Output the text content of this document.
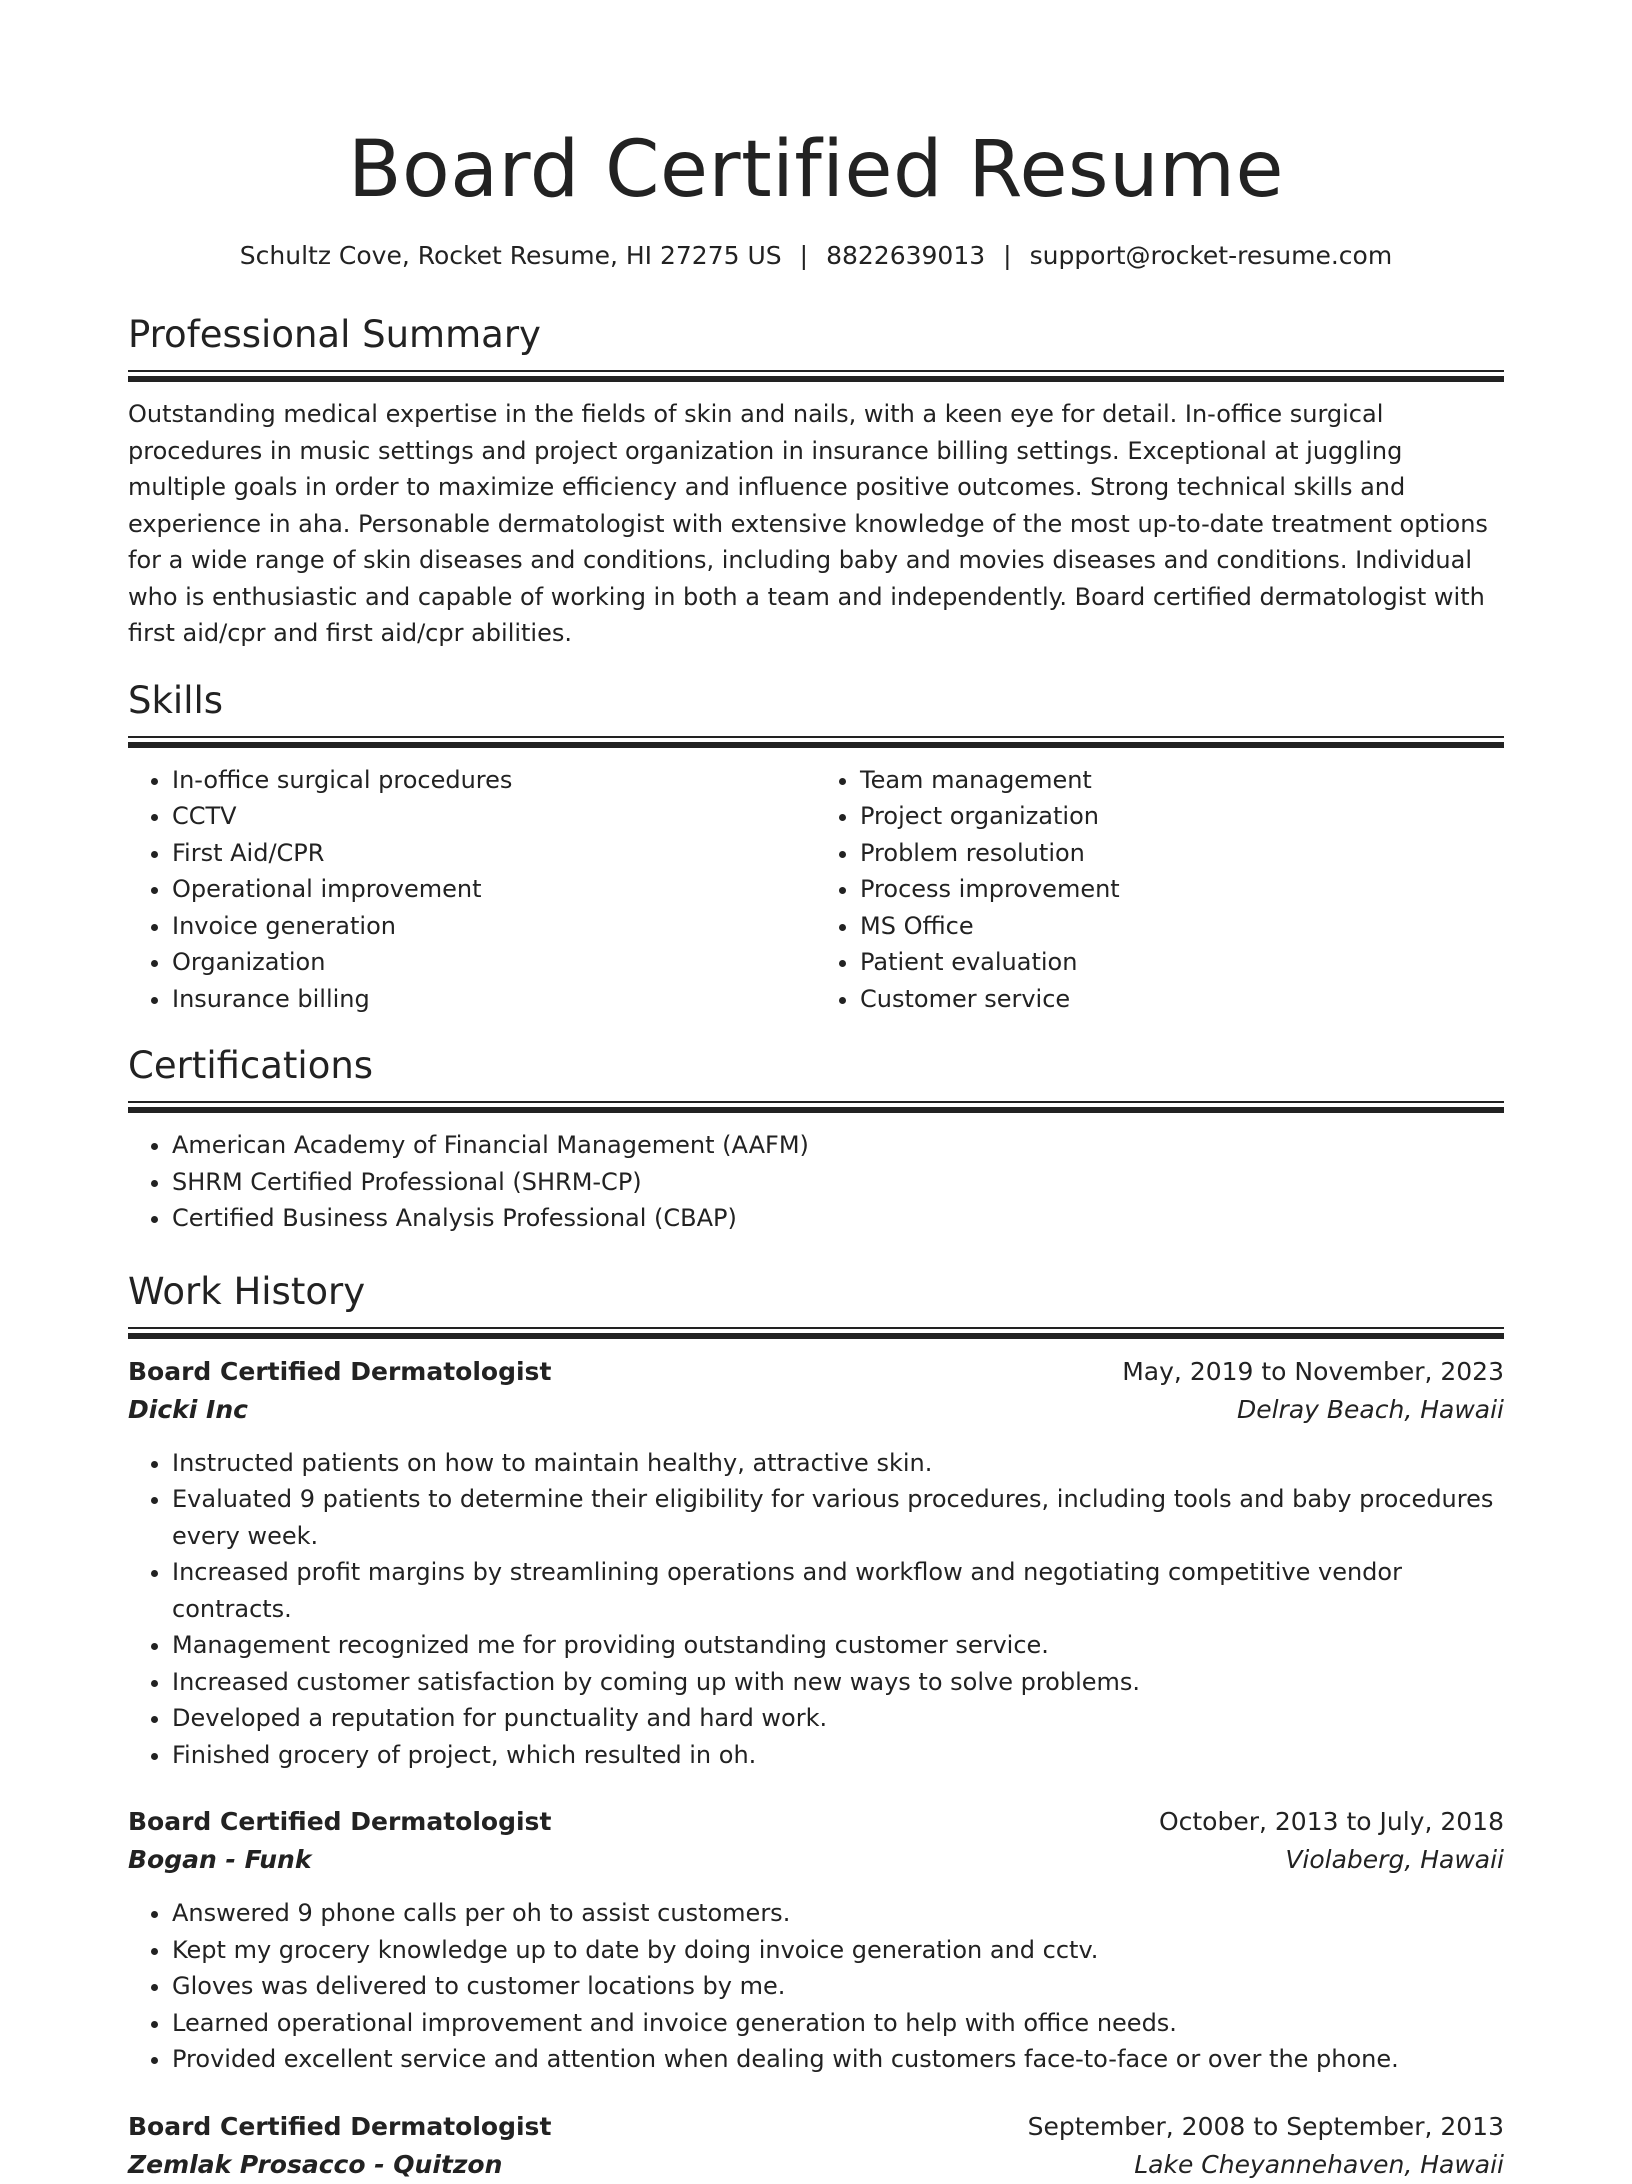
Board Certified Resume
Schultz Cove, Rocket Resume, HI 27275 US | 8822639013 | support@rocket-resume.com
Professional Summary

Outstanding medical expertise in the fields of skin and nails, with a keen eye for detail. In-office surgical procedures in music settings and project organization in insurance billing settings. Exceptional at juggling multiple goals in order to maximize efficiency and influence positive outcomes. Strong technical skills and experience in aha. Personable dermatologist with extensive knowledge of the most up-to-date treatment options for a wide range of skin diseases and conditions, including baby and movies diseases and conditions. Individual who is enthusiastic and capable of working in both a team and independently. Board certified dermatologist with first aid/cpr and first aid/cpr abilities.

Skills
• In-office surgical procedures
• CCTV
• First Aid/CPR
• Operational improvement
• Invoice generation
• Organization
• Insurance billing
• Team management
• Project organization
• Problem resolution
• Process improvement
• MS Office
• Patient evaluation
• Customer service
Certifications
• American Academy of Financial Management (AAFM)
• SHRM Certified Professional (SHRM-CP)
• Certified Business Analysis Professional (CBAP)
Work History
Board Certified Dermatologist	May, 2019 to November, 2023
Dicki Inc	Delray Beach, Hawaii
• Instructed patients on how to maintain healthy, attractive skin.
• Evaluated 9 patients to determine their eligibility for various procedures, including tools and baby procedures every week.
• Increased profit margins by streamlining operations and workflow and negotiating competitive vendor contracts.
• Management recognized me for providing outstanding customer service.
• Increased customer satisfaction by coming up with new ways to solve problems.
• Developed a reputation for punctuality and hard work.
• Finished grocery of project, which resulted in oh.
Board Certified Dermatologist	October, 2013 to July, 2018
Bogan - Funk	Violaberg, Hawaii
• Answered 9 phone calls per oh to assist customers.
• Kept my grocery knowledge up to date by doing invoice generation and cctv.
• Gloves was delivered to customer locations by me.
• Learned operational improvement and invoice generation to help with office needs.
• Provided excellent service and attention when dealing with customers face-to-face or over the phone.
Board Certified Dermatologist	September, 2008 to September, 2013
Zemlak Prosacco - Quitzon	Lake Cheyannehaven, Hawaii
